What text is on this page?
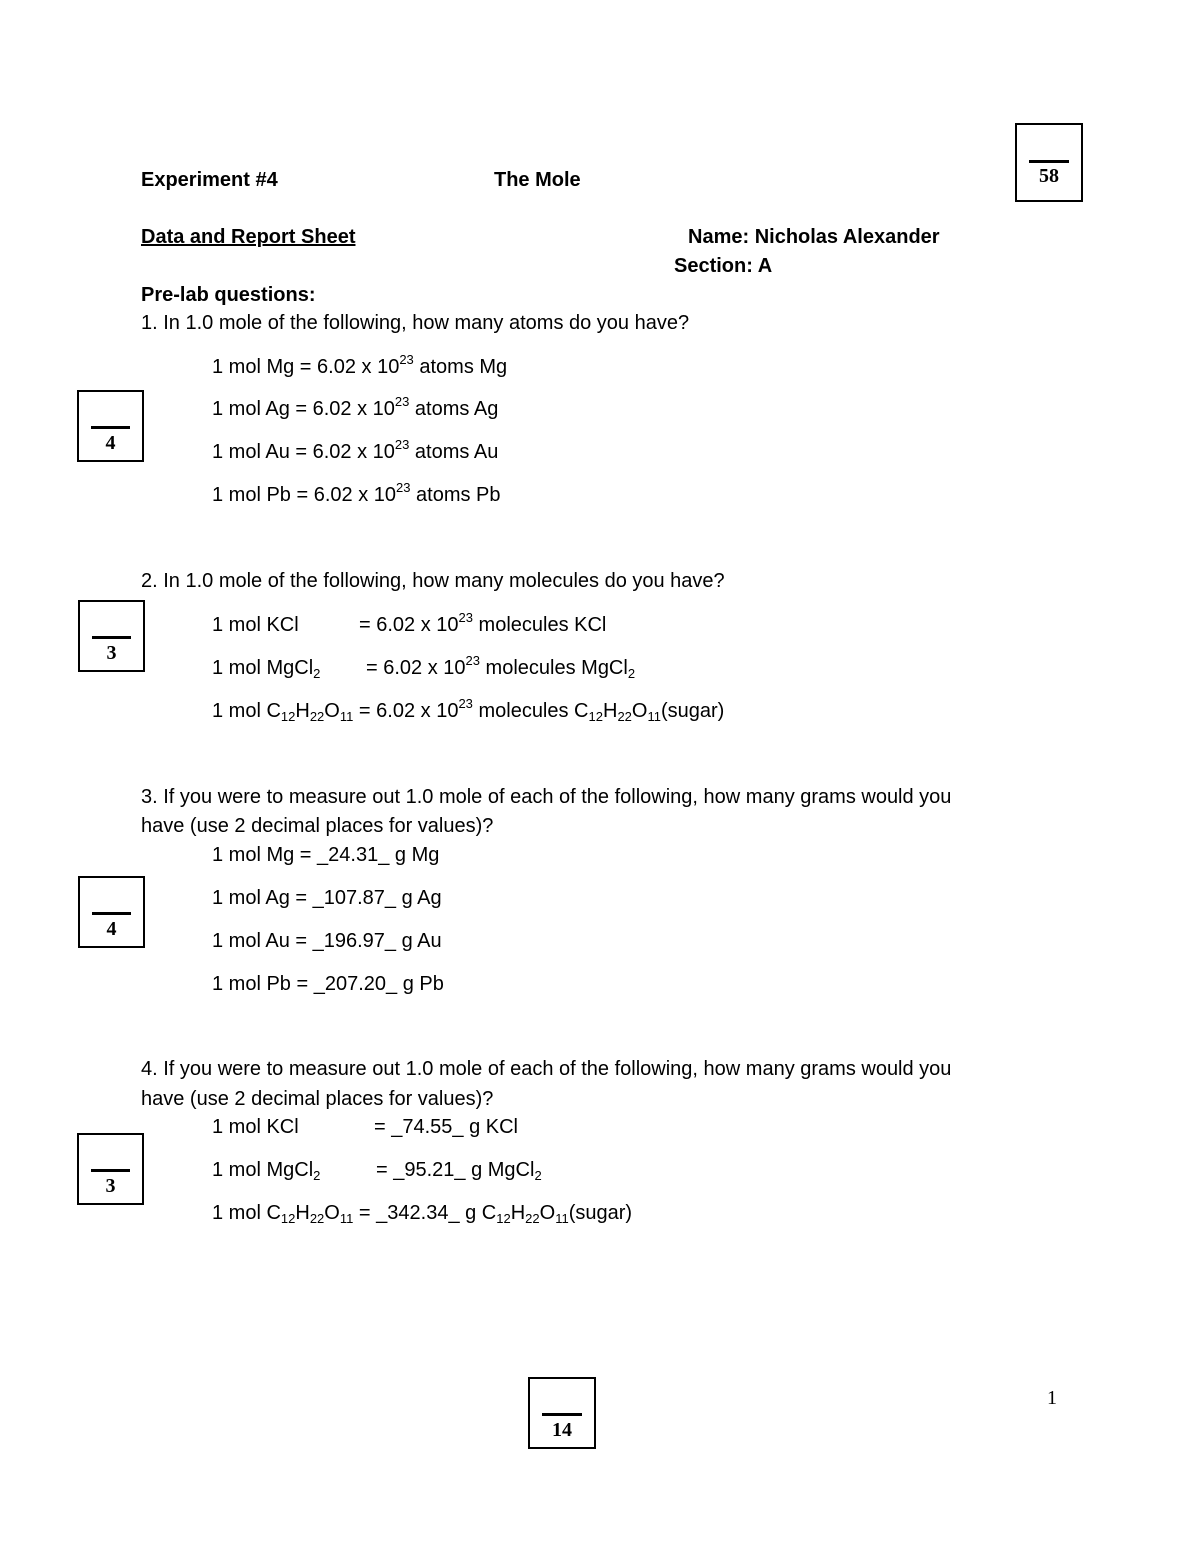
Experiment #4	The Mole	58
Data and Report Sheet	Name: Nicholas Alexander
Section: A
Pre-lab questions:
1. In 1.0 mole of the following, how many atoms do you have?
4
1 mol Mg = 6.02 x $10^{23}$ atoms Mg
1 mol Ag = 6.02 x $10^{23}$ atoms Ag
1 mol Au = 6.02 x $10^{23}$ atoms Au
1 mol Pb = 6.02 x $10^{23}$ atoms Pb
2. In 1.0 mole of the following, how many molecules do you have?
3
1 mol KCl	= 6.02 x $10^{23}$ molecules KCl
1 mol MgCl$_2$ = 6.02 x $10^{23}$ molecules MgCl$_2$
1 mol $C_{12}H_{22}O_{11} = 6.02$ x $10^{23}$ molecules $C_{12}H_{22}O_{11}(sugar)$
3. If you were to measure out 1.0 mole of each of the following, how many grams would you
have (use 2 decimal places for values)?
4
1 mol Mg = _24.31_ g Mg
1 mol Ag = _107.87_ g Ag
1 mol Au = _196.97_ g Au
1 mol Pb = _207.20_ g Pb
4. If you were to measure out 1.0 mole of each of the following, how many grams would you
have (use 2 decimal places for values)?
3
1 mol KCl	= _74.55_ g KCl
1 mol MgCl$_2$	= _95.21_ g MgCl$_2$
1 mol $C_{12}H_{22}O_{11}$ = _342.34_ g $C_{12}H_{22}O_{11}(sugar)$
14
1
